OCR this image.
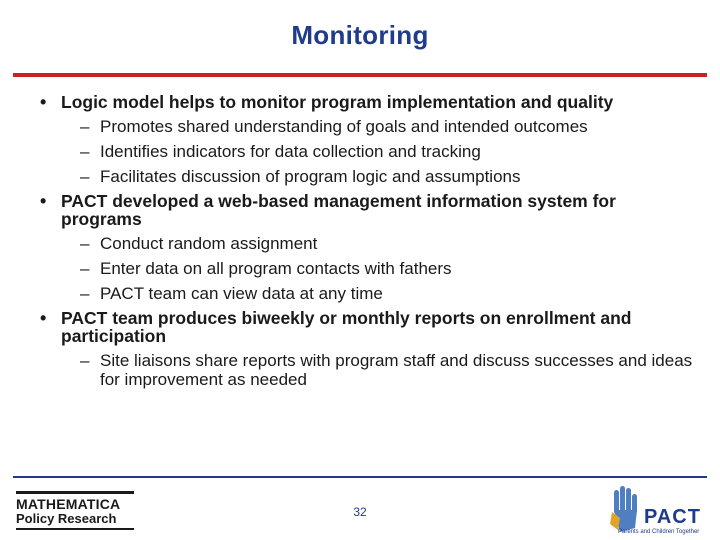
Monitoring
• Logic model helps to monitor program implementation and quality
– Promotes shared understanding of goals and intended outcomes
– Identifies indicators for data collection and tracking
– Facilitates discussion of program logic and assumptions
• PACT developed a web-based management information system for programs
– Conduct random assignment
– Enter data on all program contacts with fathers
– PACT team can view data at any time
• PACT team produces biweekly or monthly reports on enrollment and participation
– Site liaisons share reports with program staff and discuss successes and ideas for improvement as needed
MATHEMATICA
Policy Research	32	PACT
Parents and Children Together
